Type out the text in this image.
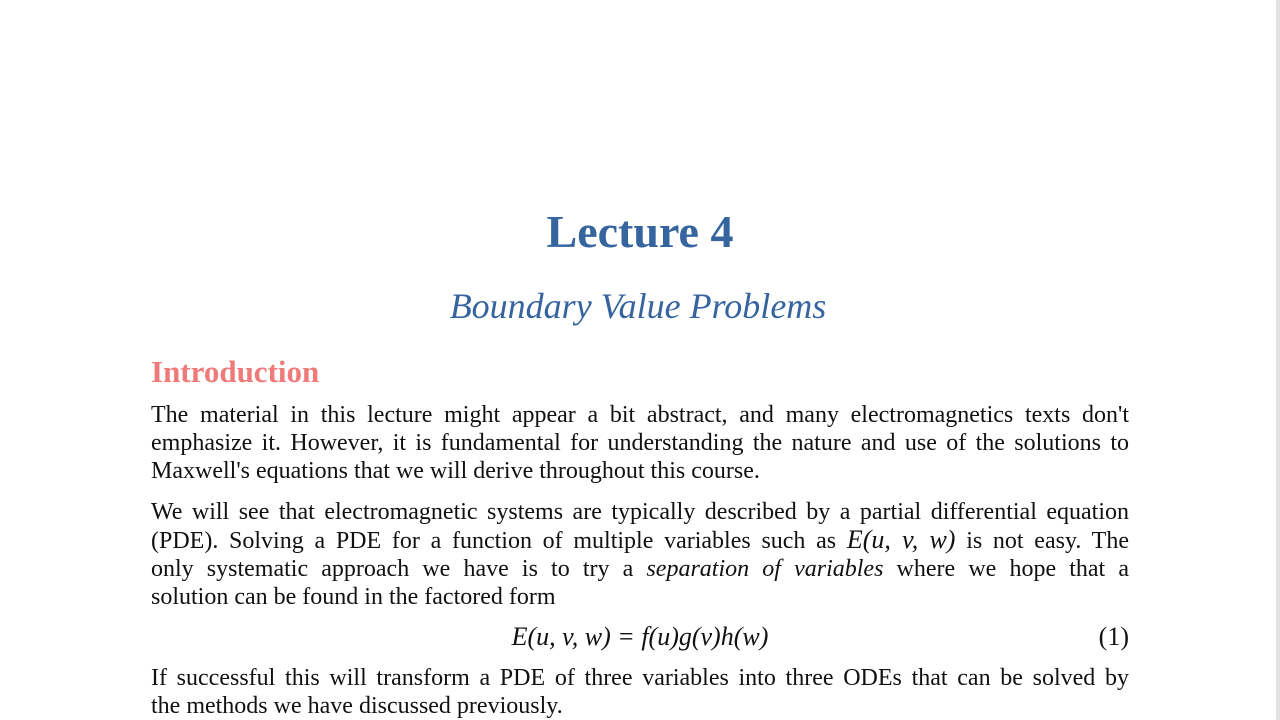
Lecture 4
Boundary Value Problems
Introduction
The material in this lecture might appear a bit abstract, and many electromagnetics texts don't
emphasize it. However, it is fundamental for understanding the nature and use of the solutions to
Maxwell's equations that we will derive throughout this course.
We will see that electromagnetic systems are typically described by a partial differential equation
(PDE). Solving a PDE for a function of multiple variables such as E(u, v, w) is not easy. The
only systematic approach we have is to try a separation of variables where we hope that a
solution can be found in the factored form
E(u, v, w) = f(u)g(v)h(w)	(1)
If successful this will transform a PDE of three variables into three ODEs that can be solved by
the methods we have discussed previously.
